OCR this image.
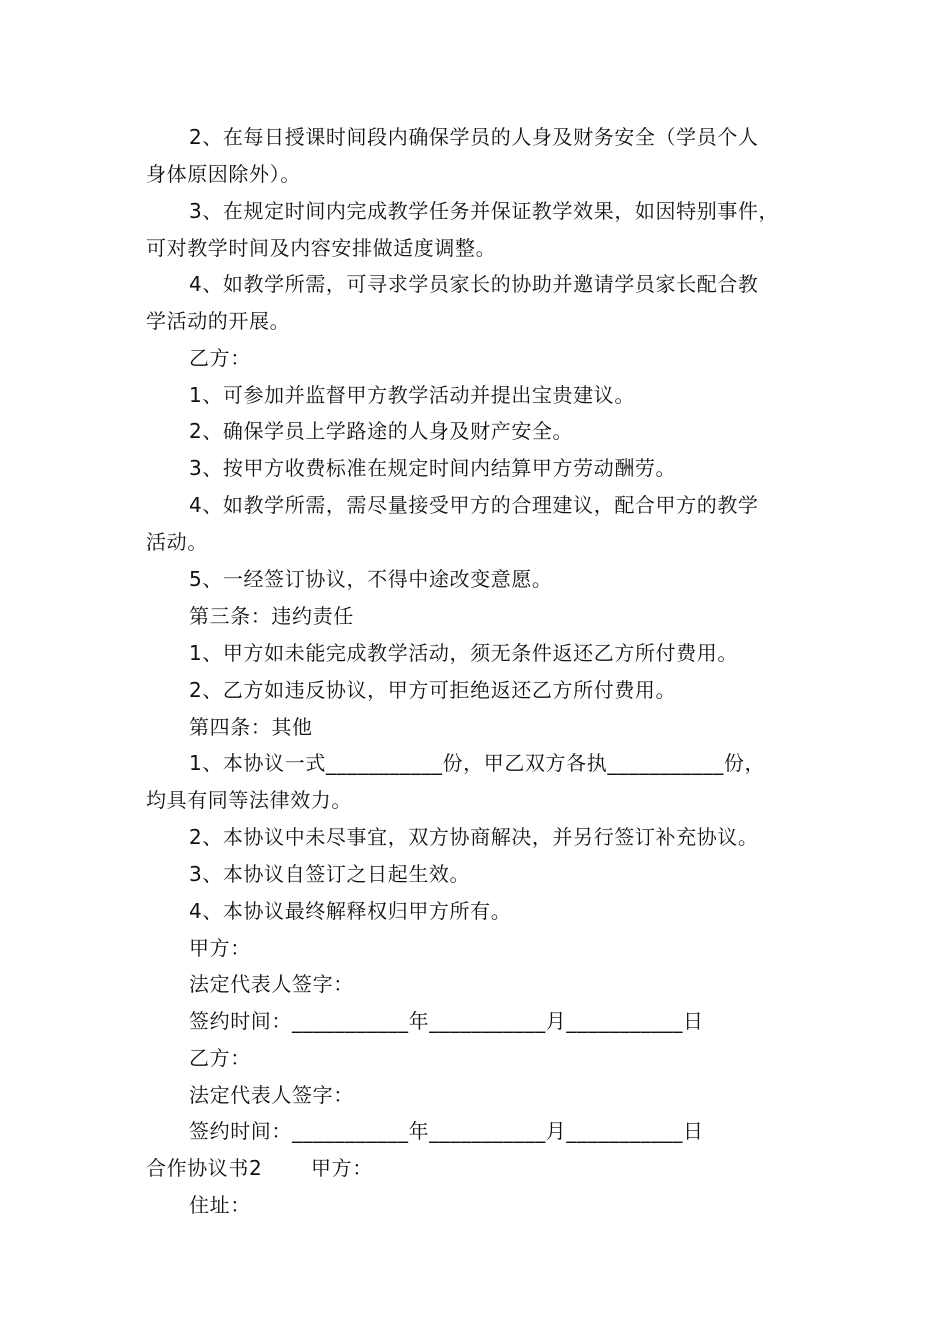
2、在每日授课时间段内确保学员的人身及财务安全（学员个人
身体原因除外）。
3、在规定时间内完成教学任务并保证教学效果，如因特别事件，
可对教学时间及内容安排做适度调整。
4、如教学所需，可寻求学员家长的协助并邀请学员家长配合教
学活动的开展。
乙方：
1、可参加并监督甲方教学活动并提出宝贵建议。
2、确保学员上学路途的人身及财产安全。
3、按甲方收费标准在规定时间内结算甲方劳动酬劳。
4、如教学所需，需尽量接受甲方的合理建议，配合甲方的教学
活动。
5、一经签订协议，不得中途改变意愿。
第三条：违约责任
1、甲方如未能完成教学活动，须无条件返还乙方所付费用。
2、乙方如违反协议，甲方可拒绝返还乙方所付费用。
第四条：其他
1、本协议一式___________份，甲乙双方各执___________份，
均具有同等法律效力。
2、本协议中未尽事宜，双方协商解决，并另行签订补充协议。
3、本协议自签订之日起生效。
4、本协议最终解释权归甲方所有。
甲方：
法定代表人签字：
签约时间：___________年___________月___________日
乙方：
法定代表人签字：
签约时间：___________年___________月___________日
合作协议书2       甲方：
住址：
